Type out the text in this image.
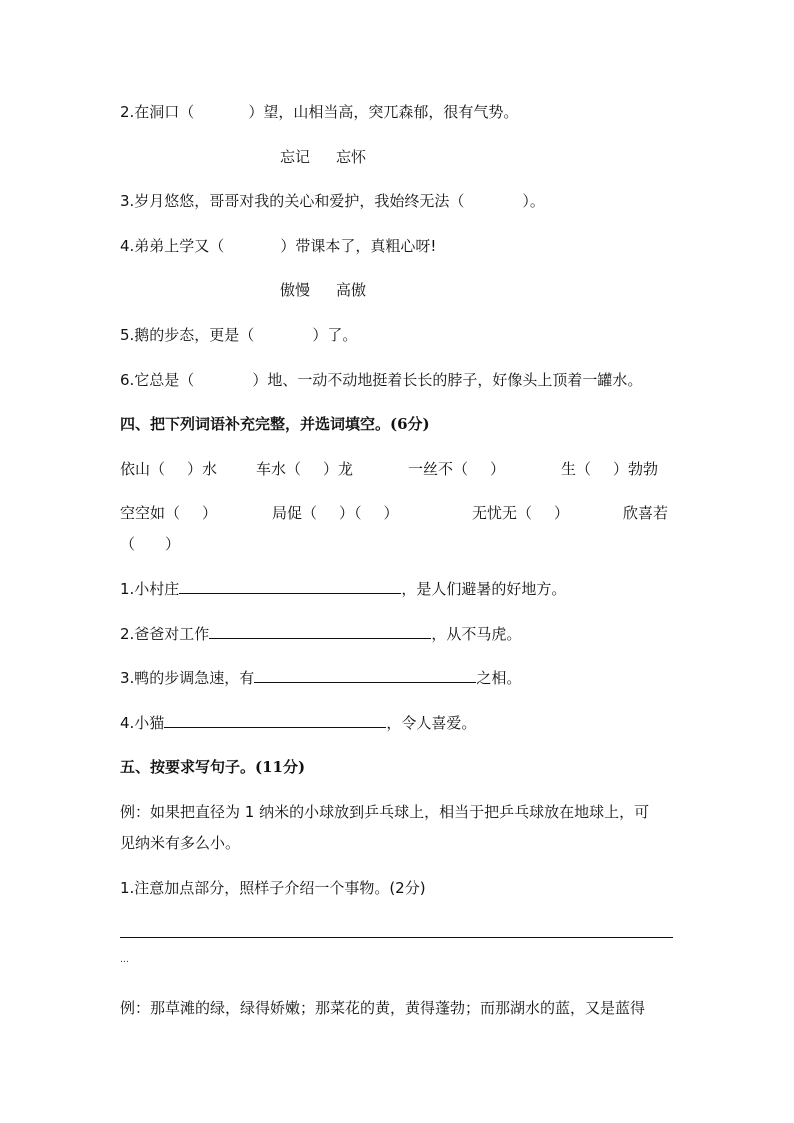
2.在洞口（	）望，山相当高，突兀森郁，很有气势。
忘记 忘怀
3.岁月悠悠，哥哥对我的关心和爱护，我始终无法（	）。
4.弟弟上学又（	）带课本了，真粗心呀!
傲慢 高傲
5.鹅的步态，更是（	）了。
6.它总是（	）地、一动不动地挺着长长的脖子，好像头上顶着一罐水。
四、把下列词语补充完整，并选词填空。(6分)
依山（ ）水	车水（ ）龙	一丝不（ ）	生（ ）勃勃
空空如（ ）	局促（ ）（ ）	无忧无（ ）	欣喜若
（　　）
1.小村庄	，是人们避暑的好地方。
2.爸爸对工作	，从不马虎。
3.鸭的步调急速，有	之相。
4.小猫	，令人喜爱。
五、按要求写句子。(11分)
例：如果把直径为 1 纳米的小球放到乒乓球上，相当于把乒乓球放在地球上，可
见纳米有多么小。
1.注意加点部分，照样子介绍一个事物。(2分)
…
例：那草滩的绿，绿得娇嫩；那菜花的黄，黄得蓬勃；而那湖水的蓝，又是蓝得
